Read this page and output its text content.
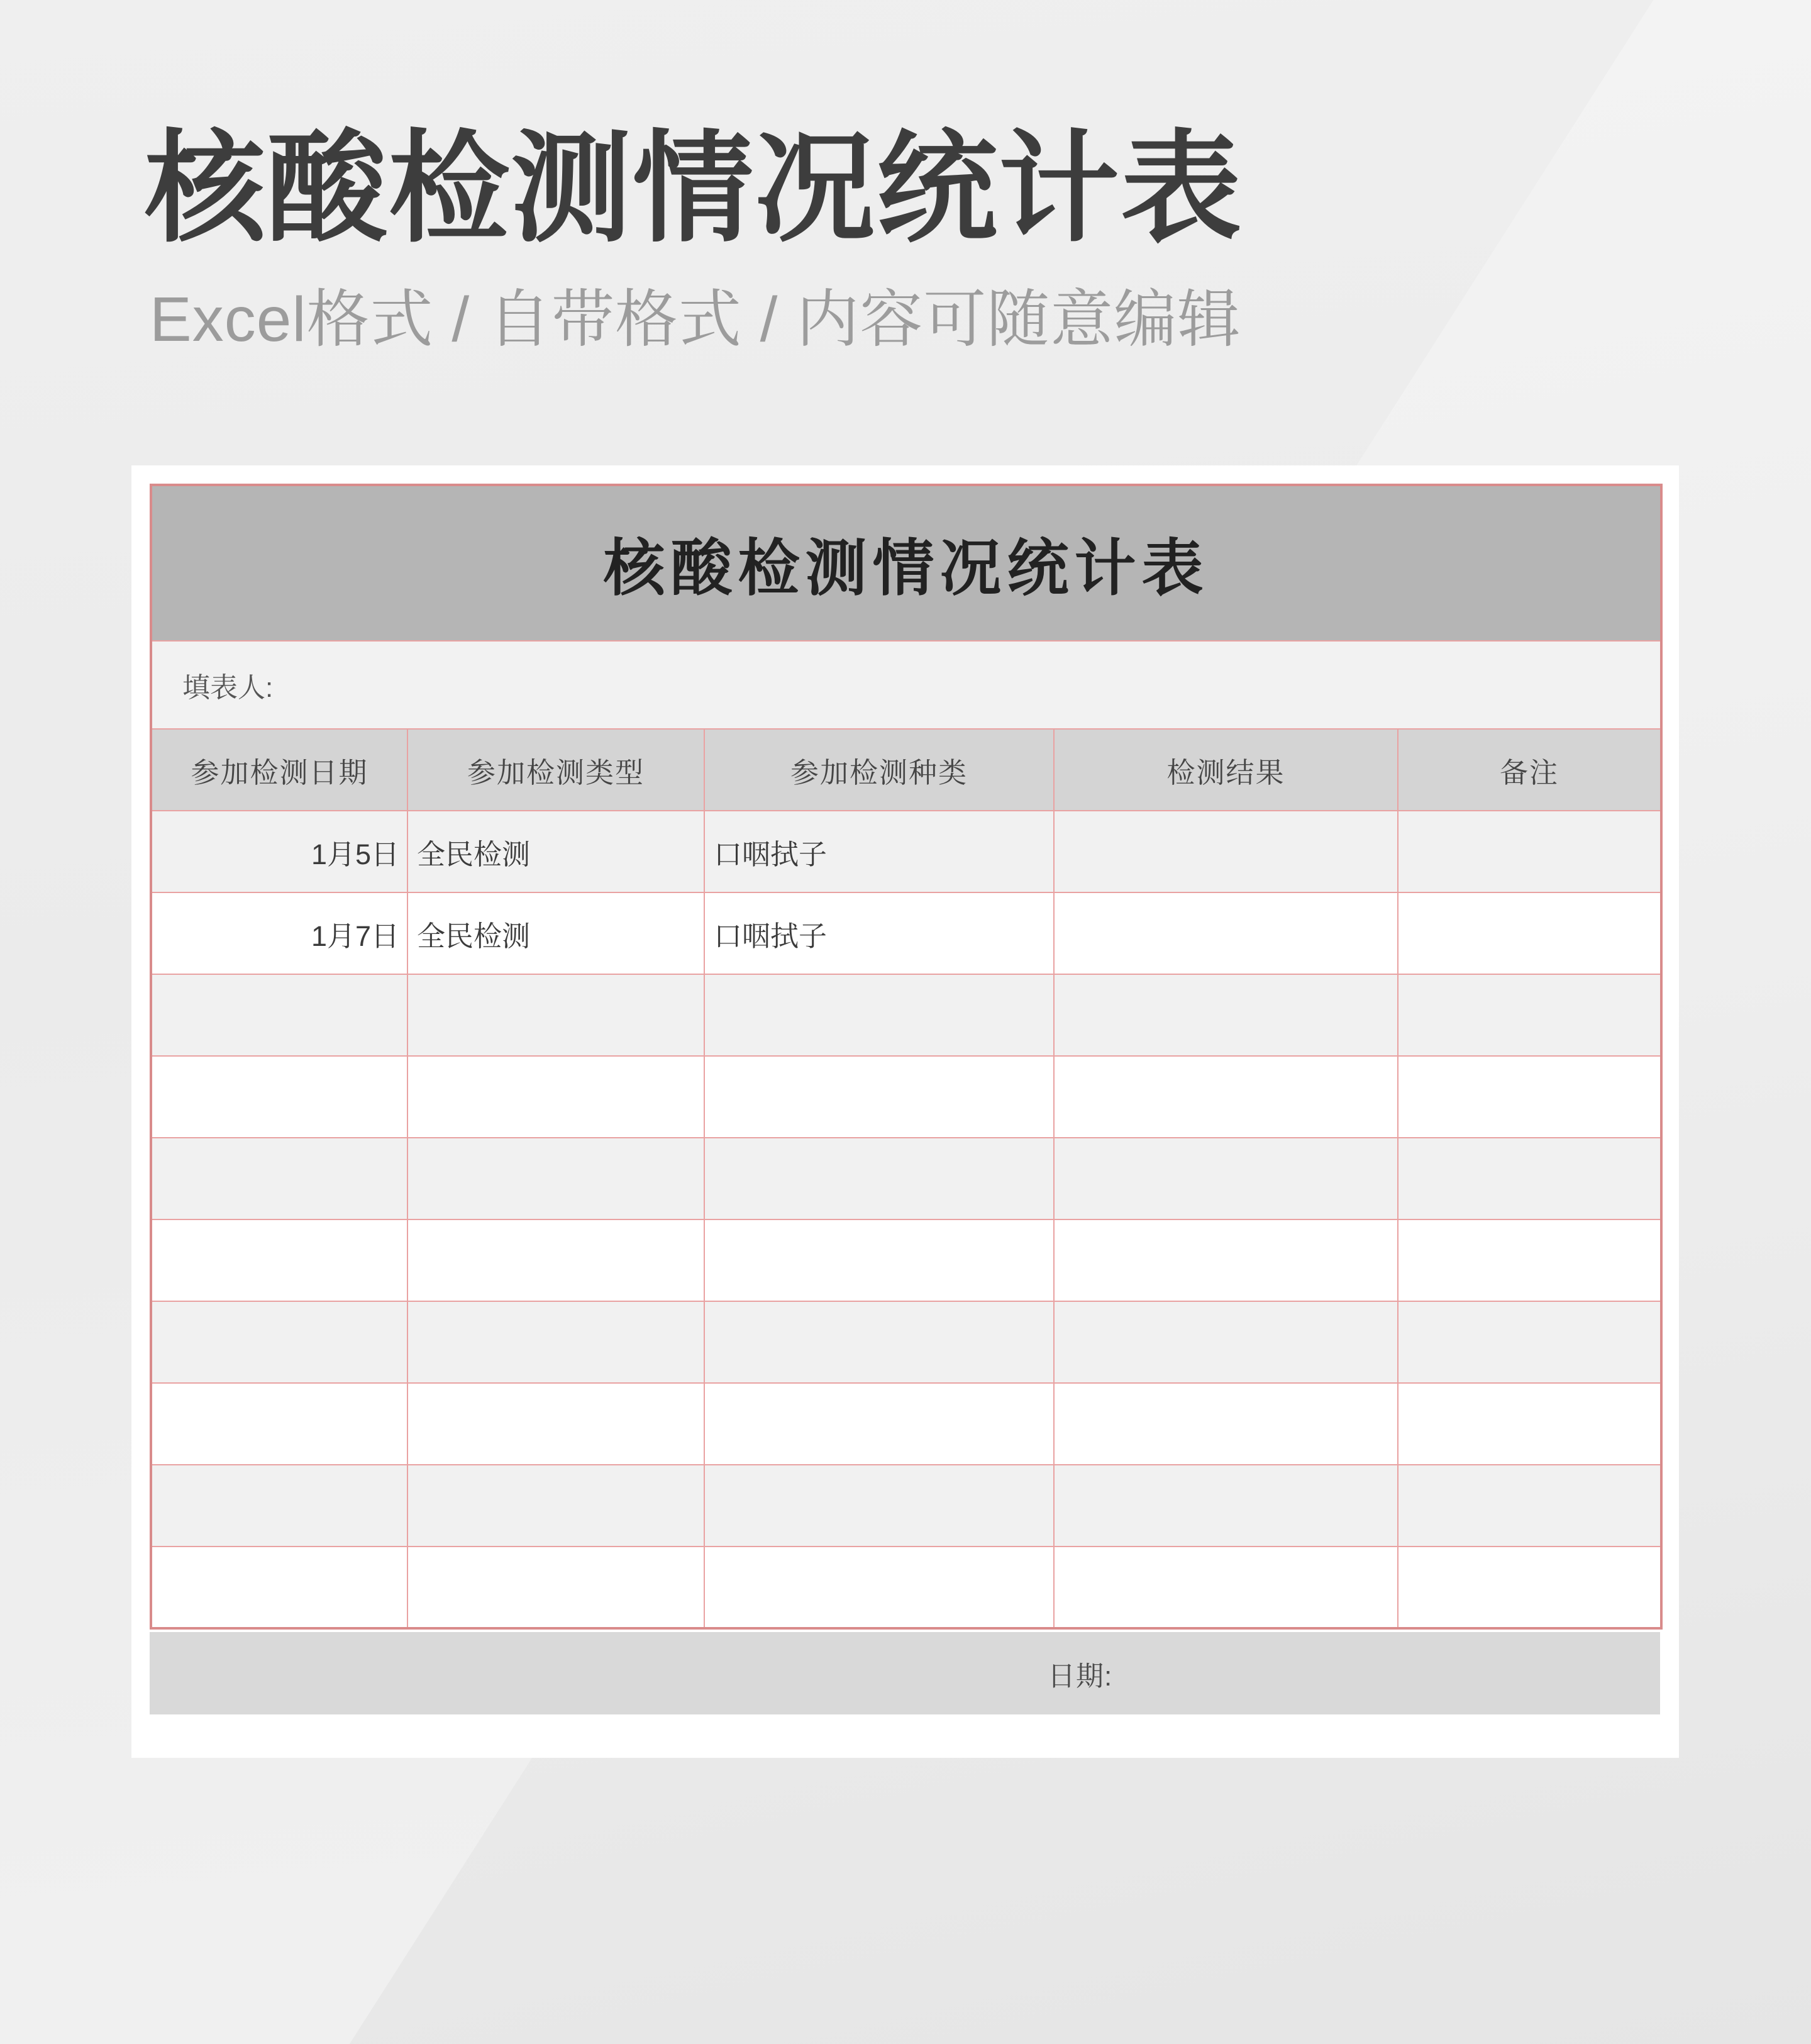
核酸检测情况统计表
Excel格式 / 自带格式 / 内容可随意编辑
核酸检测情况统计表				
填表人:				
参加检测日期	参加检测类型	参加检测种类	检测结果	备注
1月5日	全民检测	口咽拭子		
1月7日	全民检测	口咽拭子		

日期:
